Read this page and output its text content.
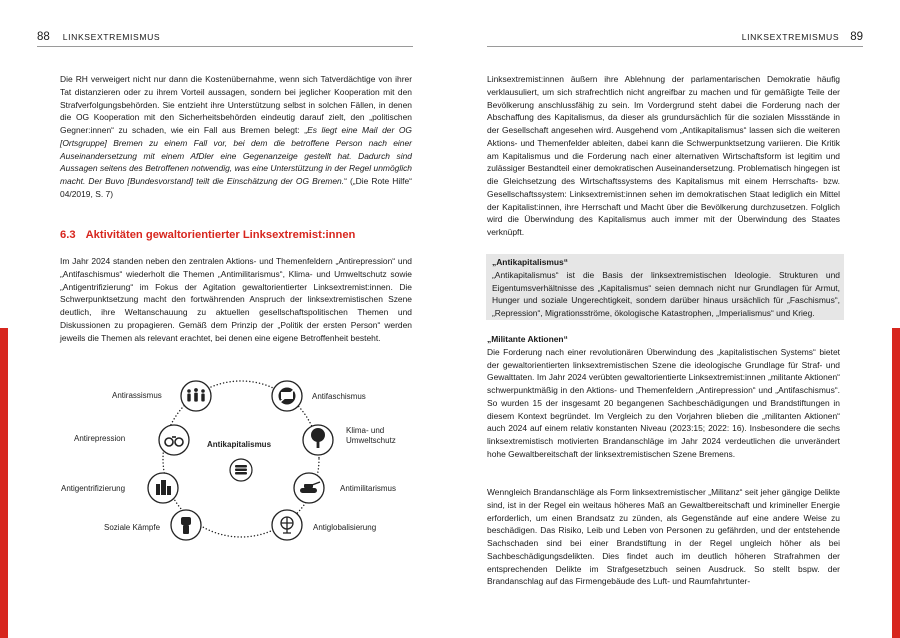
88 LINKSEXTREMISMUS	LINKSEXTREMISMUS 89

Die RH verweigert nicht nur dann die Kostenübernahme, wenn sich Tatverdächtige von ihrer Tat distanzieren oder zu ihrem Vorteil aussagen, sondern bei jeglicher Kooperation mit den Strafverfolgungsbehörden. Sie entzieht ihre Unterstützung selbst in solchen Fällen, in denen die OG Kooperation mit den Sicherheitsbehörden eindeutig darauf zielt, den „politischen Gegner:innen“ zu schaden, wie ein Fall aus Bremen belegt: „Es liegt eine Mail der OG [Ortsgruppe] Bremen zu einem Fall vor, bei dem die betroffene Person nach einer Auseinandersetzung mit einem AfDler eine Gegenanzeige gestellt hat. Dadurch sind Aussagen seitens des Betroffenen notwendig, was eine Unterstützung in der Regel unmöglich macht. Der Buvo [Bundesvorstand] teilt die Einschätzung der OG Bremen.“ („Die Rote Hilfe“ 04/2019, S. 7)

6.3 Aktivitäten gewaltorientierter Linksextremist:innen

Im Jahr 2024 standen neben den zentralen Aktions- und Themenfeldern „Antirepression“ und „Antifaschismus“ wiederholt die Themen „Antimilitarismus“, Klima- und Umweltschutz sowie „Antigentrifizierung“ im Fokus der Agitation gewaltorientierter Linksextremist:innen. Die Schwerpunktsetzung macht den fortwährenden Anspruch der linksextremistischen Szene deutlich, ihre Weltanschauung zu aktuellen gesellschaftspolitischen Themen und Diskussionen zu propagieren. Gemäß dem Prinzip der „Politik der ersten Person“ werden jeweils die Themen als relevant erachtet, bei denen eine eigene Betroffenheit besteht.

Antirassismus	Antifaschismus
Antirepression
Klima- und Umweltschutz
Antikapitalismus
Antigentrifizierung	Antimilitarismus
Soziale Kämpfe	Antiglobalisierung

Linksextremist:innen äußern ihre Ablehnung der parlamentarischen Demokratie häufig verklausuliert, um sich strafrechtlich nicht angreifbar zu machen und für gemäßigte Teile der Bevölkerung anschlussfähig zu sein. Im Vordergrund steht dabei die Forderung nach der Abschaffung des Kapitalismus, da dieser als grundursächlich für die sozialen Missstände in der Gesellschaft angesehen wird. Ausgehend vom „Antikapitalismus“ lassen sich die weiteren Aktions- und Themenfelder ableiten, dabei kann die Schwerpunktsetzung variieren. Die Kritik am Kapitalismus und die Forderung nach einer alternativen Wirtschaftsform ist legitim und zulässiger Bestandteil einer demokratischen Auseinandersetzung. Problematisch hingegen ist die Gleichsetzung des Wirtschaftssystems des Kapitalismus mit einem Herrschafts- bzw. Gesellschaftssystem: Linksextremist:innen sehen im demokratischen Staat lediglich ein Mittel der Kapitalist:innen, ihre Herrschaft und Macht über die Bevölkerung durchzusetzen. Folglich wird die Überwindung des Kapitalismus auch immer mit der Überwindung des Staates verknüpft.

„Antikapitalismus“

„Antikapitalismus“ ist die Basis der linksextremistischen Ideologie. Strukturen und Eigentumsverhältnisse des „Kapitalismus“ seien demnach nicht nur Grundlagen für Armut, Hunger und soziale Ungerechtigkeit, sondern darüber hinaus ursächlich für „Faschismus“, „Repression“, Migrationsströme, ökologische Katastrophen, „Imperialismus“ und Krieg.

„Militante Aktionen“

Die Forderung nach einer revolutionären Überwindung des „kapitalistischen Systems“ bietet der gewaltorientierten linksextremistischen Szene die ideologische Grundlage für Straf- und Gewalttaten. Im Jahr 2024 verübten gewaltorientierte Linksextremist:innen „militante Aktionen“ schwerpunktmäßig in den Aktions- und Themenfeldern „Antirepression“ und „Antifaschismus“. So wurden 15 der insgesamt 20 begangenen Sachbeschädigungen und Brandstiftungen in diesem Kontext begründet. Im Vergleich zu den Vorjahren blieben die „militanten Aktionen“ auch 2024 auf einem relativ konstanten Niveau (2023:15; 2022: 16). Insbesondere die sechs linksextremistisch motivierten Brandanschläge im Jahr 2024 verdeutlichen die unverändert hohe Gewaltbereitschaft der linksextremistischen Szene Bremens.

Wenngleich Brandanschläge als Form linksextremistischer „Militanz“ seit jeher gängige Delikte sind, ist in der Regel ein weitaus höheres Maß an Gewaltbereitschaft und krimineller Energie erforderlich, um einen Brandsatz zu zünden, als Gegenstände auf eine andere Weise zu beschädigen. Das Risiko, Leib und Leben von Personen zu gefährden, und der entstehende Sachschaden sind bei einer Brandstiftung in der Regel ungleich höher als bei Sachbeschädigungsdelikten. Dies findet auch im deutlich höheren Strafrahmen der entsprechenden Delikte im Strafgesetzbuch seinen Ausdruck. So stellt bspw. der Brandanschlag auf das Firmengebäude des Luft- und Raumfahrtunter-
